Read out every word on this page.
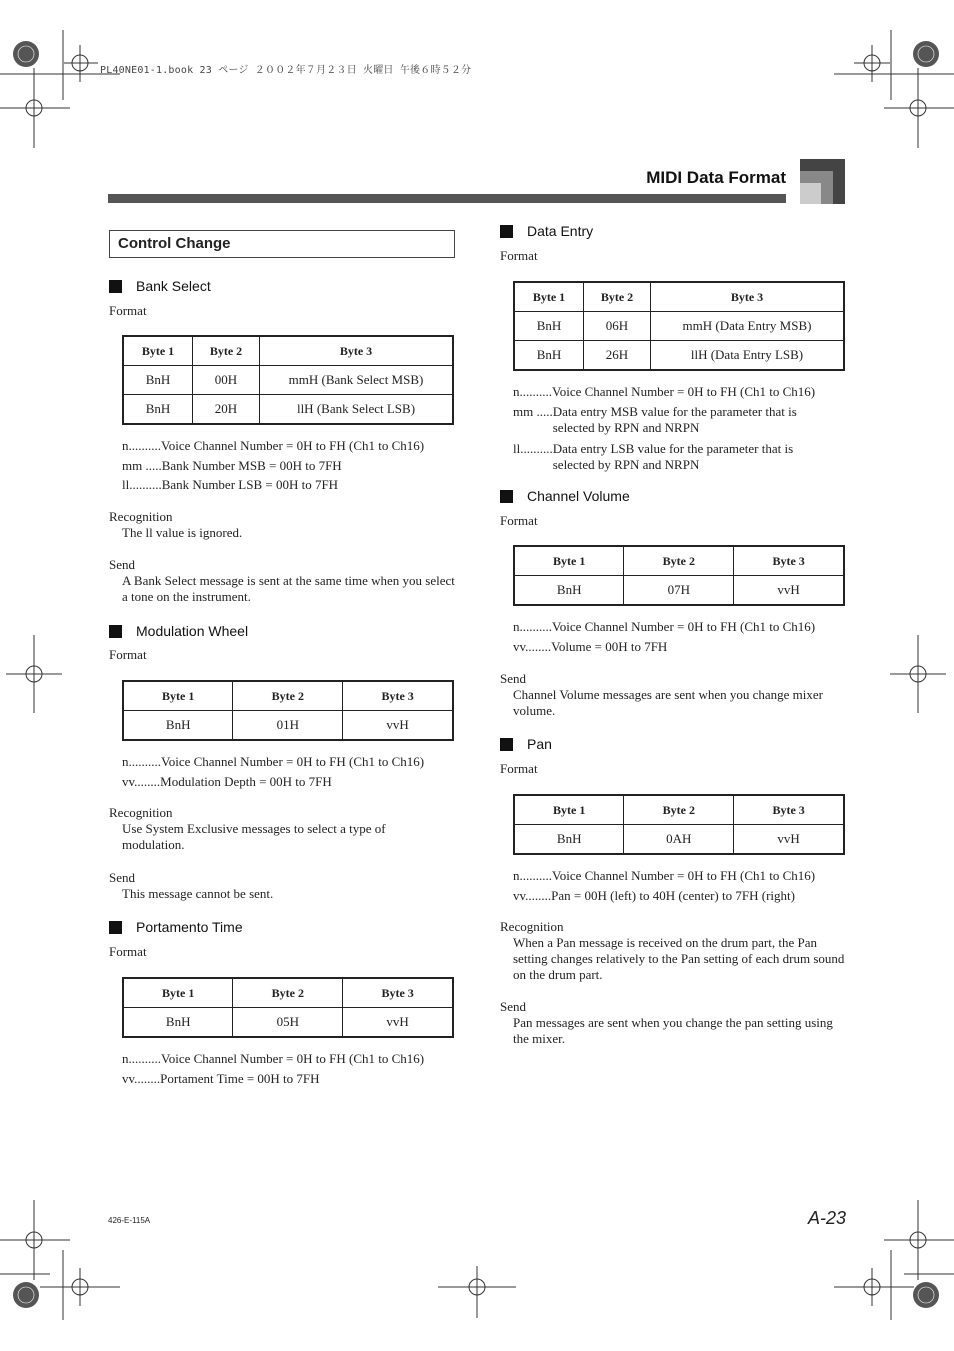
PL40NE01-1.book 23 ページ ２００２年７月２３日 火曜日 午後６時５２分
MIDI Data Format
Control Change
Bank Select
Format
Byte 1	Byte 2	Byte 3
BnH	00H	mmH (Bank Select MSB)
BnH	20H	llH (Bank Select LSB)
n.......... Voice Channel Number = 0H to FH (Ch1 to Ch16)
mm ..... Bank Number MSB = 00H to 7FH
ll.......... Bank Number LSB = 00H to 7FH
Recognition
The ll value is ignored.
Send
A Bank Select message is sent at the same time when you select a tone on the instrument.
Modulation Wheel
Format
Byte 1	Byte 2	Byte 3
BnH	01H	vvH
n.......... Voice Channel Number = 0H to FH (Ch1 to Ch16)
vv........ Modulation Depth = 00H to 7FH
Recognition
Use System Exclusive messages to select a type of modulation.
Send
This message cannot be sent.
Portamento Time
Format
Byte 1	Byte 2	Byte 3
BnH	05H	vvH
n.......... Voice Channel Number = 0H to FH (Ch1 to Ch16)
vv........ Portament Time = 00H to 7FH
Data Entry
Format
Byte 1	Byte 2	Byte 3
BnH	06H	mmH (Data Entry MSB)
BnH	26H	llH (Data Entry LSB)
n.......... Voice Channel Number = 0H to FH (Ch1 to Ch16)
mm ..... Data entry MSB value for the parameter that is selected by RPN and NRPN
ll.......... Data entry LSB value for the parameter that is selected by RPN and NRPN
Channel Volume
Format
Byte 1	Byte 2	Byte 3
BnH	07H	vvH
n.......... Voice Channel Number = 0H to FH (Ch1 to Ch16)
vv........ Volume = 00H to 7FH
Send
Channel Volume messages are sent when you change mixer volume.
Pan
Format
Byte 1	Byte 2	Byte 3
BnH	0AH	vvH
n.......... Voice Channel Number = 0H to FH (Ch1 to Ch16)
vv........ Pan = 00H (left) to 40H (center) to 7FH (right)
Recognition
When a Pan message is received on the drum part, the Pan setting changes relatively to the Pan setting of each drum sound on the drum part.
Send
Pan messages are sent when you change the pan setting using the mixer.
426-E-115A	A-23
